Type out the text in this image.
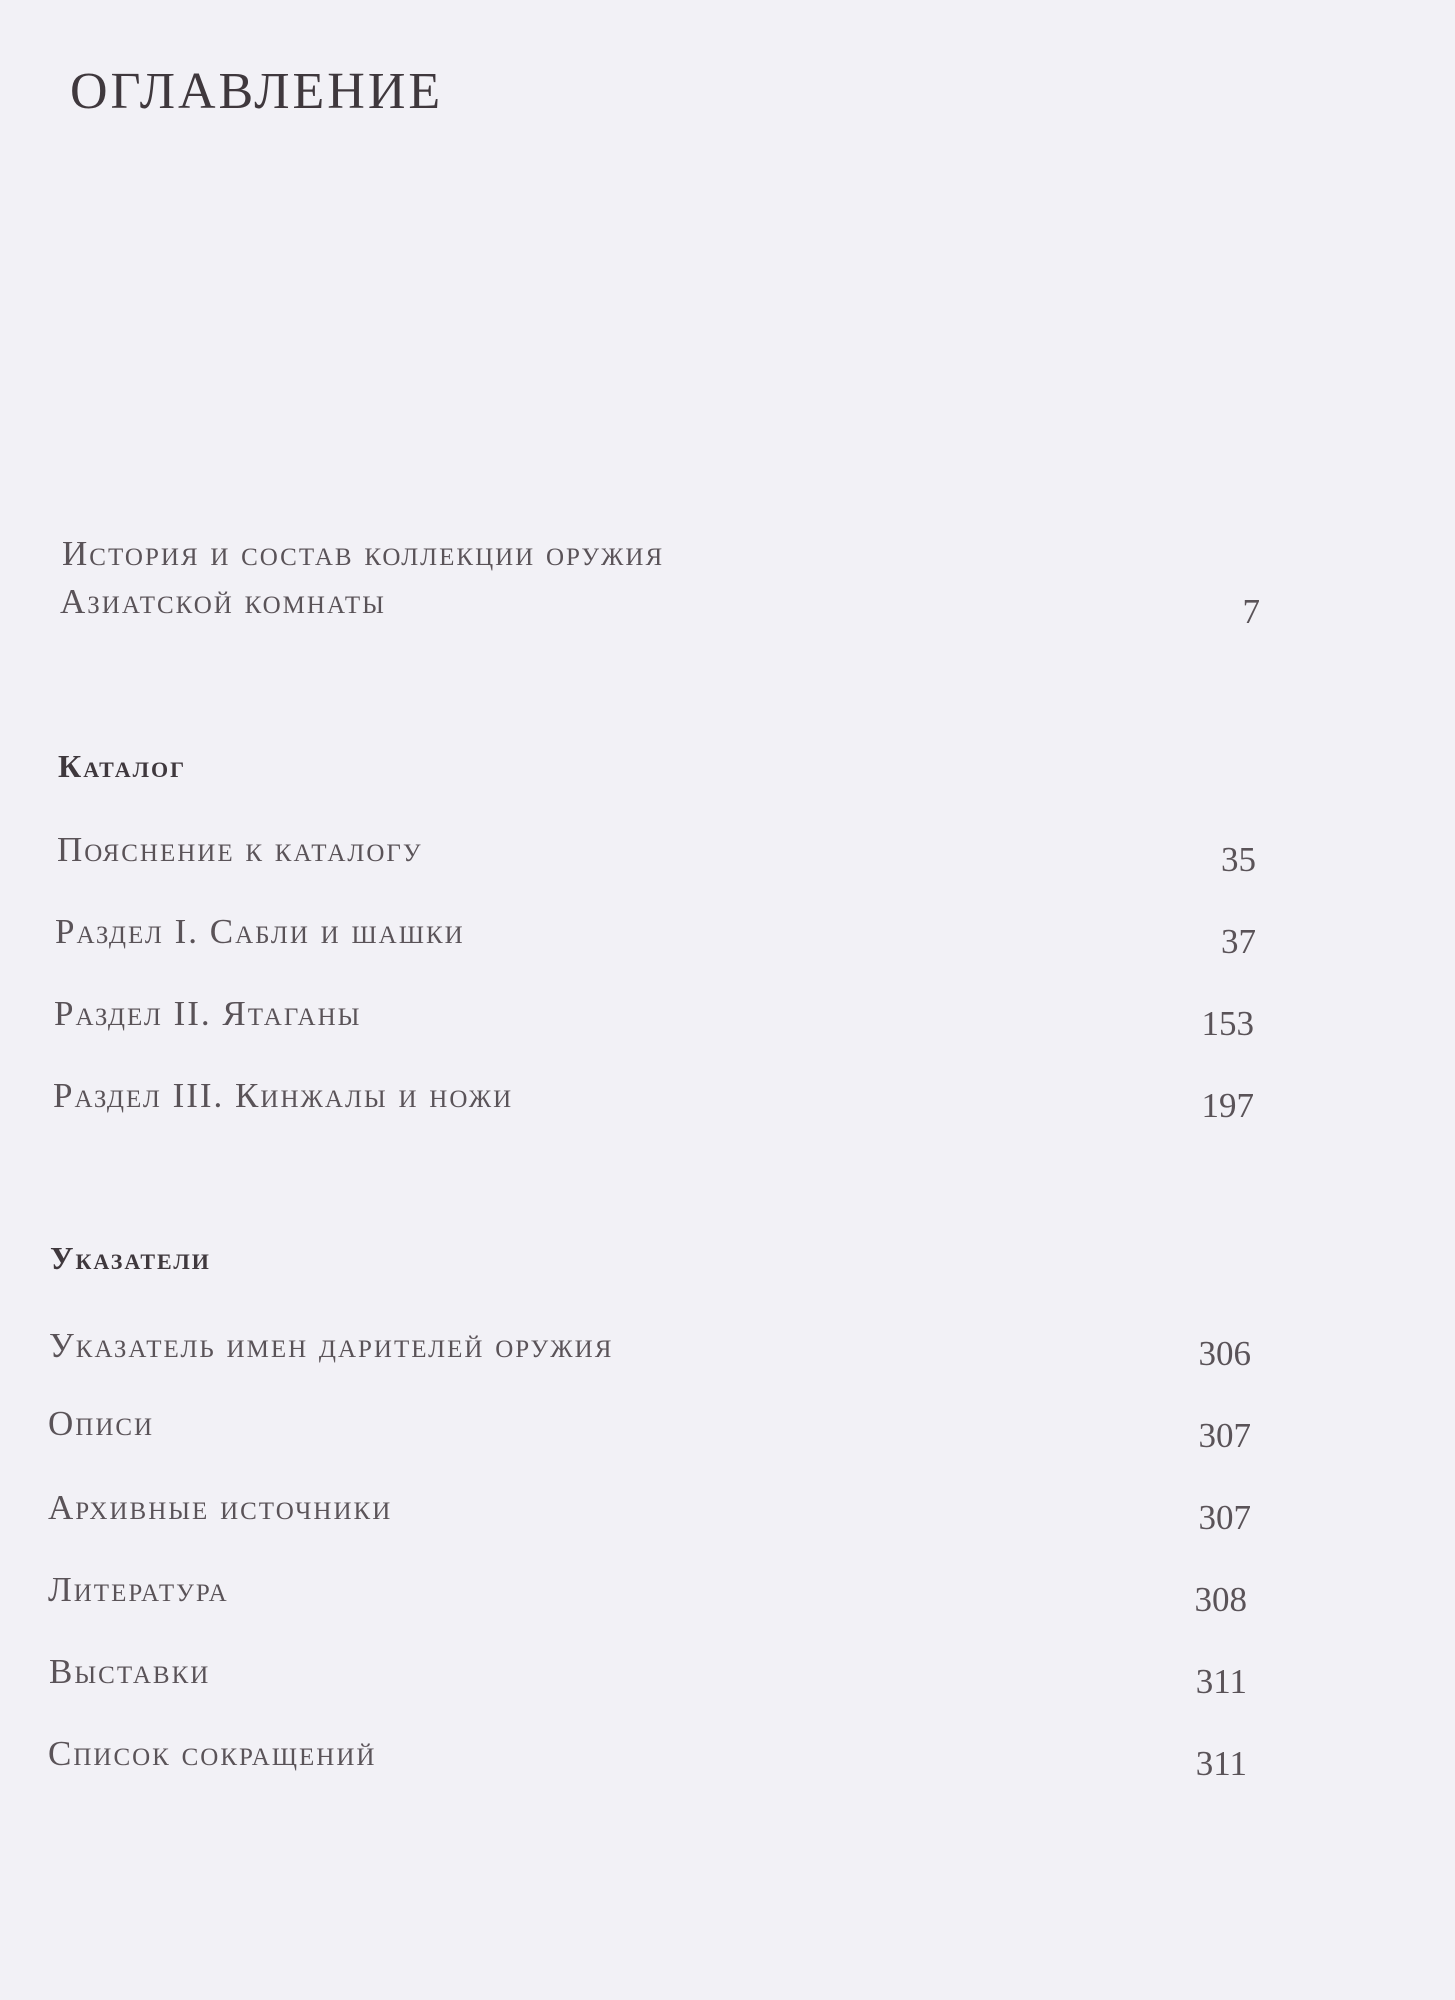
ОГЛАВЛЕНИЕ
История и состав коллекции оружия
Азиатской комнаты	7
Каталог
Пояснение к каталогу	35
Раздел I. Сабли и шашки	37
Раздел II. Ятаганы	153
Раздел III. Кинжалы и ножи	197
Указатели
Указатель имен дарителей оружия	306
Описи	307
Архивные источники	307
Литература	308
Выставки	311
Список сокращений	311
